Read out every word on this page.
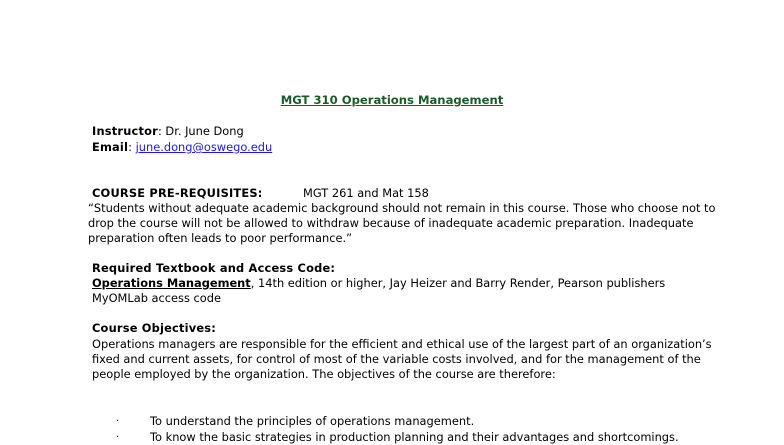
MGT 310 Operations Management
Instructor: Dr. June Dong
Email: june.dong@oswego.edu
COURSE PRE-REQUISITES:	MGT 261 and Mat 158
“Students without adequate academic background should not remain in this course. Those who choose not to
drop the course will not be allowed to withdraw because of inadequate academic preparation. Inadequate
preparation often leads to poor performance.”
Required Textbook and Access Code:
Operations Management, 14th edition or higher, Jay Heizer and Barry Render, Pearson publishers
MyOMLab access code
Course Objectives:
Operations managers are responsible for the efficient and ethical use of the largest part of an organization’s
fixed and current assets, for control of most of the variable costs involved, and for the management of the
people employed by the organization. The objectives of the course are therefore:
·	To understand the principles of operations management.
·	To know the basic strategies in production planning and their advantages and shortcomings.
